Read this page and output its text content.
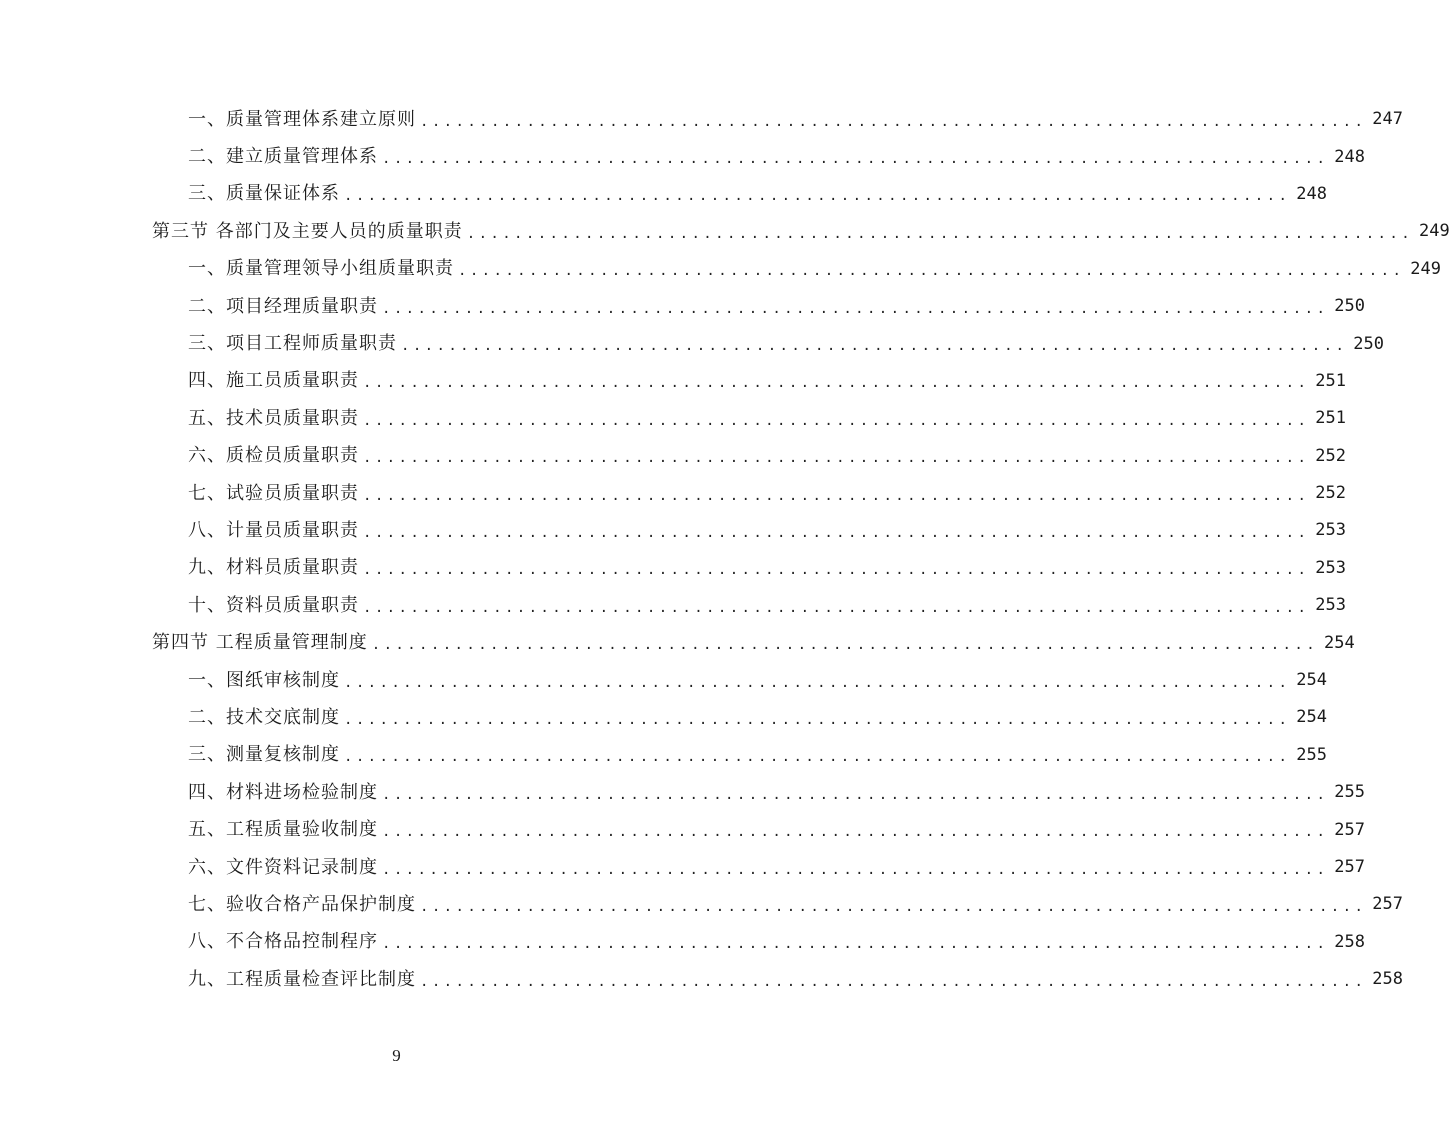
一、质量管理体系建立原则 ................................................................................ 247
二、建立质量管理体系 ................................................................................ 248
三、质量保证体系 ................................................................................ 248
第三节 各部门及主要人员的质量职责 ................................................................................ 249
一、质量管理领导小组质量职责 ................................................................................ 249
二、项目经理质量职责 ................................................................................ 250
三、项目工程师质量职责 ................................................................................ 250
四、施工员质量职责 ................................................................................ 251
五、技术员质量职责 ................................................................................ 251
六、质检员质量职责 ................................................................................ 252
七、试验员质量职责 ................................................................................ 252
八、计量员质量职责 ................................................................................ 253
九、材料员质量职责 ................................................................................ 253
十、资料员质量职责 ................................................................................ 253
第四节 工程质量管理制度 ................................................................................ 254
一、图纸审核制度 ................................................................................ 254
二、技术交底制度 ................................................................................ 254
三、测量复核制度 ................................................................................ 255
四、材料进场检验制度 ................................................................................ 255
五、工程质量验收制度 ................................................................................ 257
六、文件资料记录制度 ................................................................................ 257
七、验收合格产品保护制度 ................................................................................ 257
八、不合格品控制程序 ................................................................................ 258
九、工程质量检查评比制度 ................................................................................ 258
9
